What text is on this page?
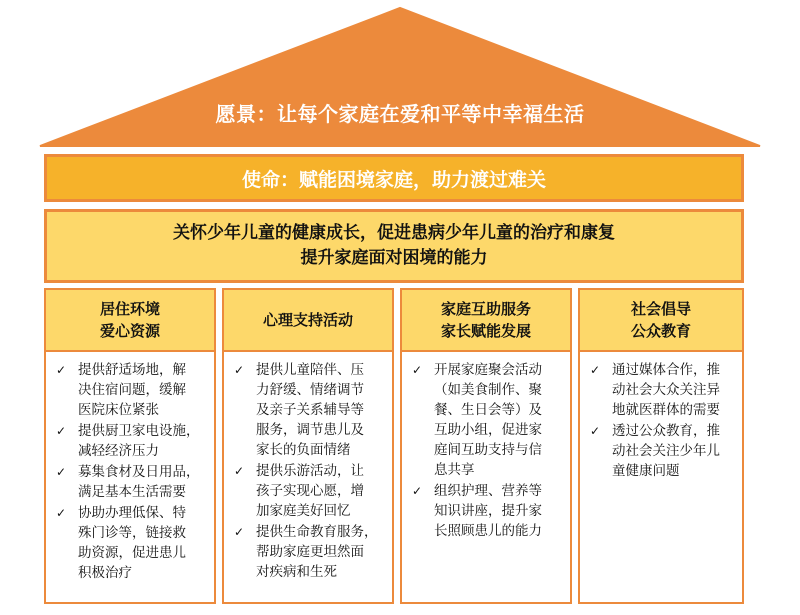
愿景：让每个家庭在爱和平等中幸福生活
使命：赋能困境家庭，助力渡过难关
关怀少年儿童的健康成长，促进患病少年儿童的治疗和康复
提升家庭面对困境的能力
居住环境
爱心资源
✓ 提供舒适场地，解
决住宿问题，缓解
医院床位紧张
✓ 提供厨卫家电设施，
减轻经济压力
✓ 募集食材及日用品，
满足基本生活需要
✓ 协助办理低保、特
殊门诊等，链接救
助资源，促进患儿
积极治疗
心理支持活动
✓ 提供儿童陪伴、压
力舒缓、情绪调节
及亲子关系辅导等
服务，调节患儿及
家长的负面情绪
✓ 提供乐游活动，让
孩子实现心愿，增
加家庭美好回忆
✓ 提供生命教育服务，
帮助家庭更坦然面
对疾病和生死
家庭互助服务
家长赋能发展
✓ 开展家庭聚会活动
（如美食制作、聚
餐、生日会等）及
互助小组，促进家
庭间互助支持与信
息共享
✓ 组织护理、营养等
知识讲座，提升家
长照顾患儿的能力
社会倡导
公众教育
✓ 通过媒体合作，推
动社会大众关注异
地就医群体的需要
✓ 透过公众教育，推
动社会关注少年儿
童健康问题
